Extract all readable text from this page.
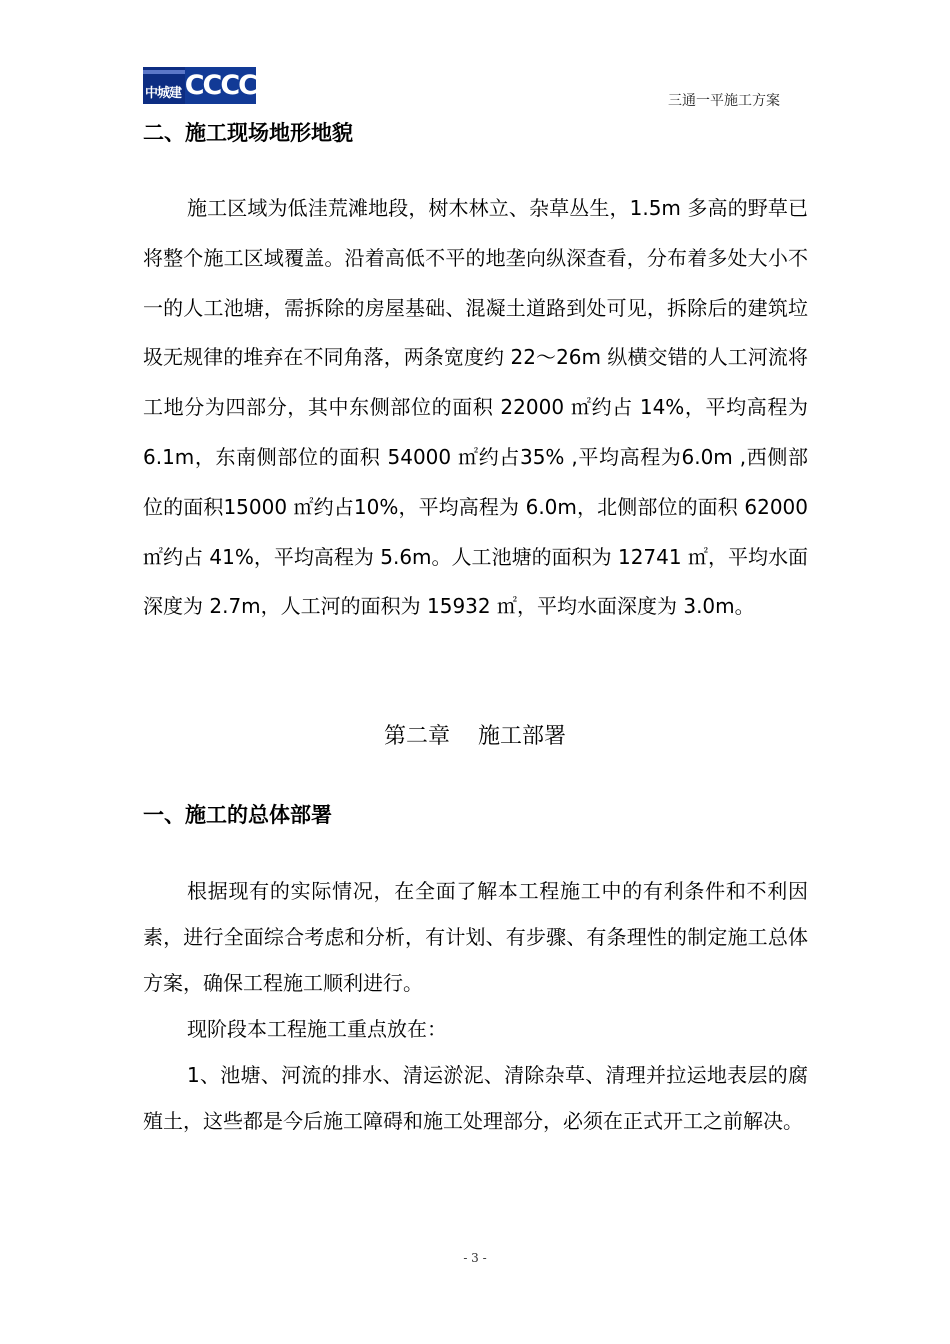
中城建 CCCC	三通一平施工方案
二、施工现场地形地貌

施工区域为低洼荒滩地段，树木林立、杂草丛生，1.5m 多高的野草已将整个施工区域覆盖。沿着高低不平的地垄向纵深查看，分布着多处大小不一的人工池塘，需拆除的房屋基础、混凝土道路到处可见，拆除后的建筑垃圾无规律的堆弃在不同角落，两条宽度约 22～26m 纵横交错的人工河流将工地分为四部分，其中东侧部位的面积 22000 ㎡约占 14%，平均高程为 6.1m，东南侧部位的面积 54000 ㎡约占35% ,平均高程为6.0m ,西侧部位的面积15000 ㎡约占10%，平均高程为 6.0m，北侧部位的面积 62000 ㎡约占 41%，平均高程为 5.6m。人工池塘的面积为 12741 ㎡，平均水面深度为 2.7m，人工河的面积为 15932 ㎡，平均水面深度为 3.0m。

第二章    施工部署
一、施工的总体部署

根据现有的实际情况，在全面了解本工程施工中的有利条件和不利因素，进行全面综合考虑和分析，有计划、有步骤、有条理性的制定施工总体方案，确保工程施工顺利进行。

现阶段本工程施工重点放在：

1、池塘、河流的排水、清运淤泥、清除杂草、清理并拉运地表层的腐殖土，这些都是今后施工障碍和施工处理部分，必须在正式开工之前解决。

- 3 -
